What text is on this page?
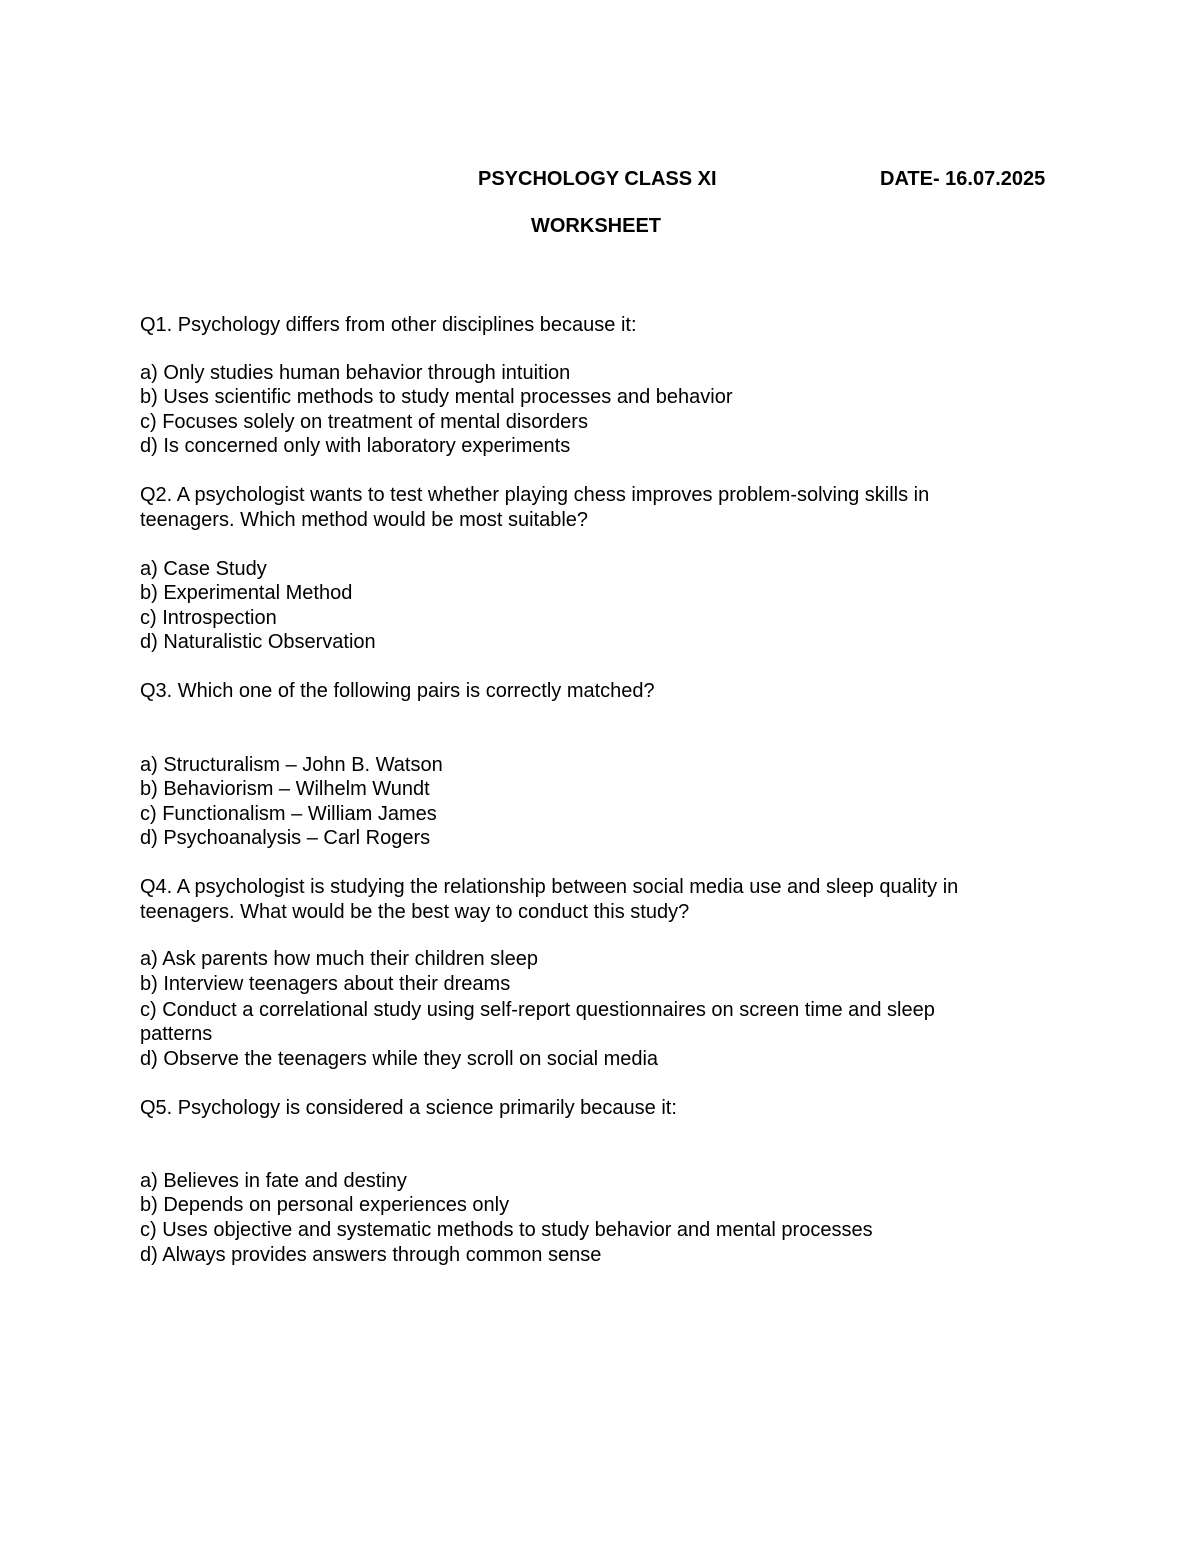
PSYCHOLOGY CLASS XI	DATE- 16.07.2025
WORKSHEET
Q1. Psychology differs from other disciplines because it:
a) Only studies human behavior through intuition
b) Uses scientific methods to study mental processes and behavior
c) Focuses solely on treatment of mental disorders
d) Is concerned only with laboratory experiments
Q2. A psychologist wants to test whether playing chess improves problem-solving skills in
teenagers. Which method would be most suitable?
a) Case Study
b) Experimental Method
c) Introspection
d) Naturalistic Observation
Q3. Which one of the following pairs is correctly matched?
a) Structuralism – John B. Watson
b) Behaviorism – Wilhelm Wundt
c) Functionalism – William James
d) Psychoanalysis – Carl Rogers
Q4. A psychologist is studying the relationship between social media use and sleep quality in
teenagers. What would be the best way to conduct this study?
a) Ask parents how much their children sleep
b) Interview teenagers about their dreams
c) Conduct a correlational study using self-report questionnaires on screen time and sleep
patterns
d) Observe the teenagers while they scroll on social media
Q5. Psychology is considered a science primarily because it:
a) Believes in fate and destiny
b) Depends on personal experiences only
c) Uses objective and systematic methods to study behavior and mental processes
d) Always provides answers through common sense
